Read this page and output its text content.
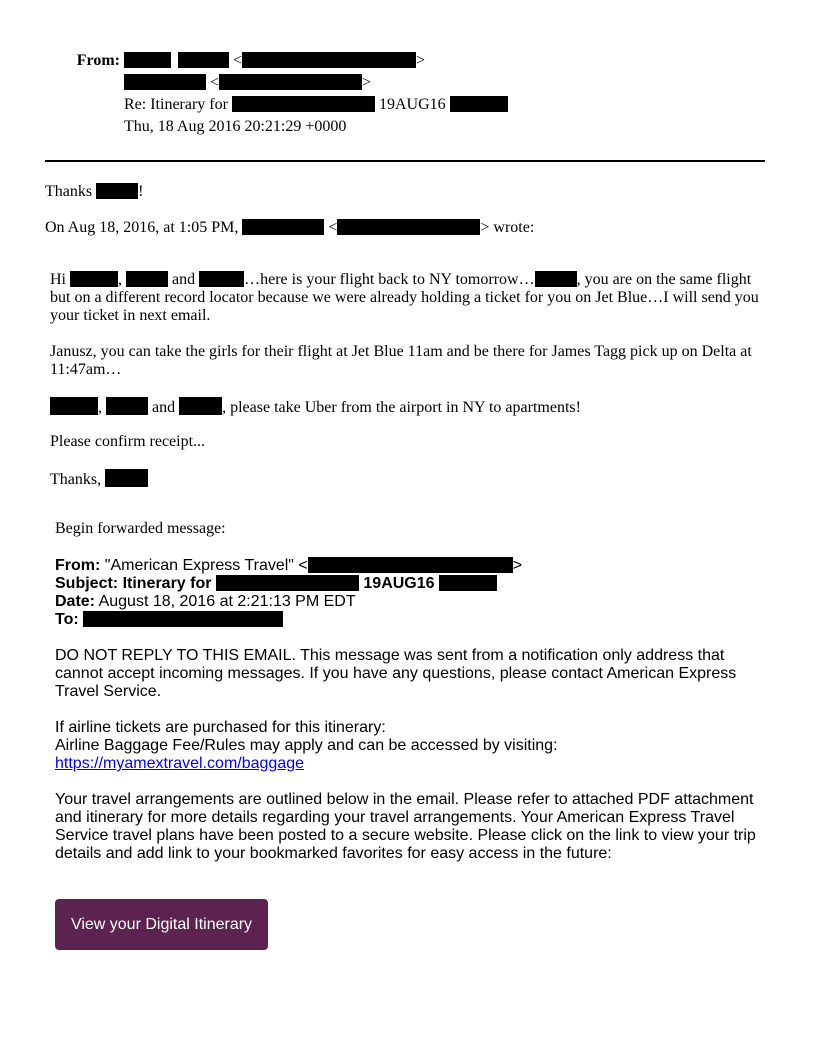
From:	<	>
<	>
Re: Itinerary for	19AUG16
Thu, 18 Aug 2016 20:21:29 +0000
Thanks	!
On Aug 18, 2016, at 1:05 PM,	<	> wrote:
Hi	,	and	…here is your flight back to NY tomorrow…	, you are on the same flight
but on a different record locator because we were already holding a ticket for you on Jet Blue…I will send you
your ticket in next email.
Janusz, you can take the girls for their flight at Jet Blue 11am and be there for James Tagg pick up on Delta at
11:47am…
,	and	, please take Uber from the airport in NY to apartments!
Please confirm receipt...
Thanks,
Begin forwarded message:
From: "American Express Travel" <	>
Subject: Itinerary for	19AUG16
Date: August 18, 2016 at 2:21:13 PM EDT
To:
DO NOT REPLY TO THIS EMAIL. This message was sent from a notification only address that
cannot accept incoming messages. If you have any questions, please contact American Express
Travel Service.
If airline tickets are purchased for this itinerary:
Airline Baggage Fee/Rules may apply and can be accessed by visiting:
https://myamextravel.com/baggage
Your travel arrangements are outlined below in the email. Please refer to attached PDF attachment
and itinerary for more details regarding your travel arrangements. Your American Express Travel
Service travel plans have been posted to a secure website. Please click on the link to view your trip
details and add link to your bookmarked favorites for easy access in the future:
View your Digital Itinerary
